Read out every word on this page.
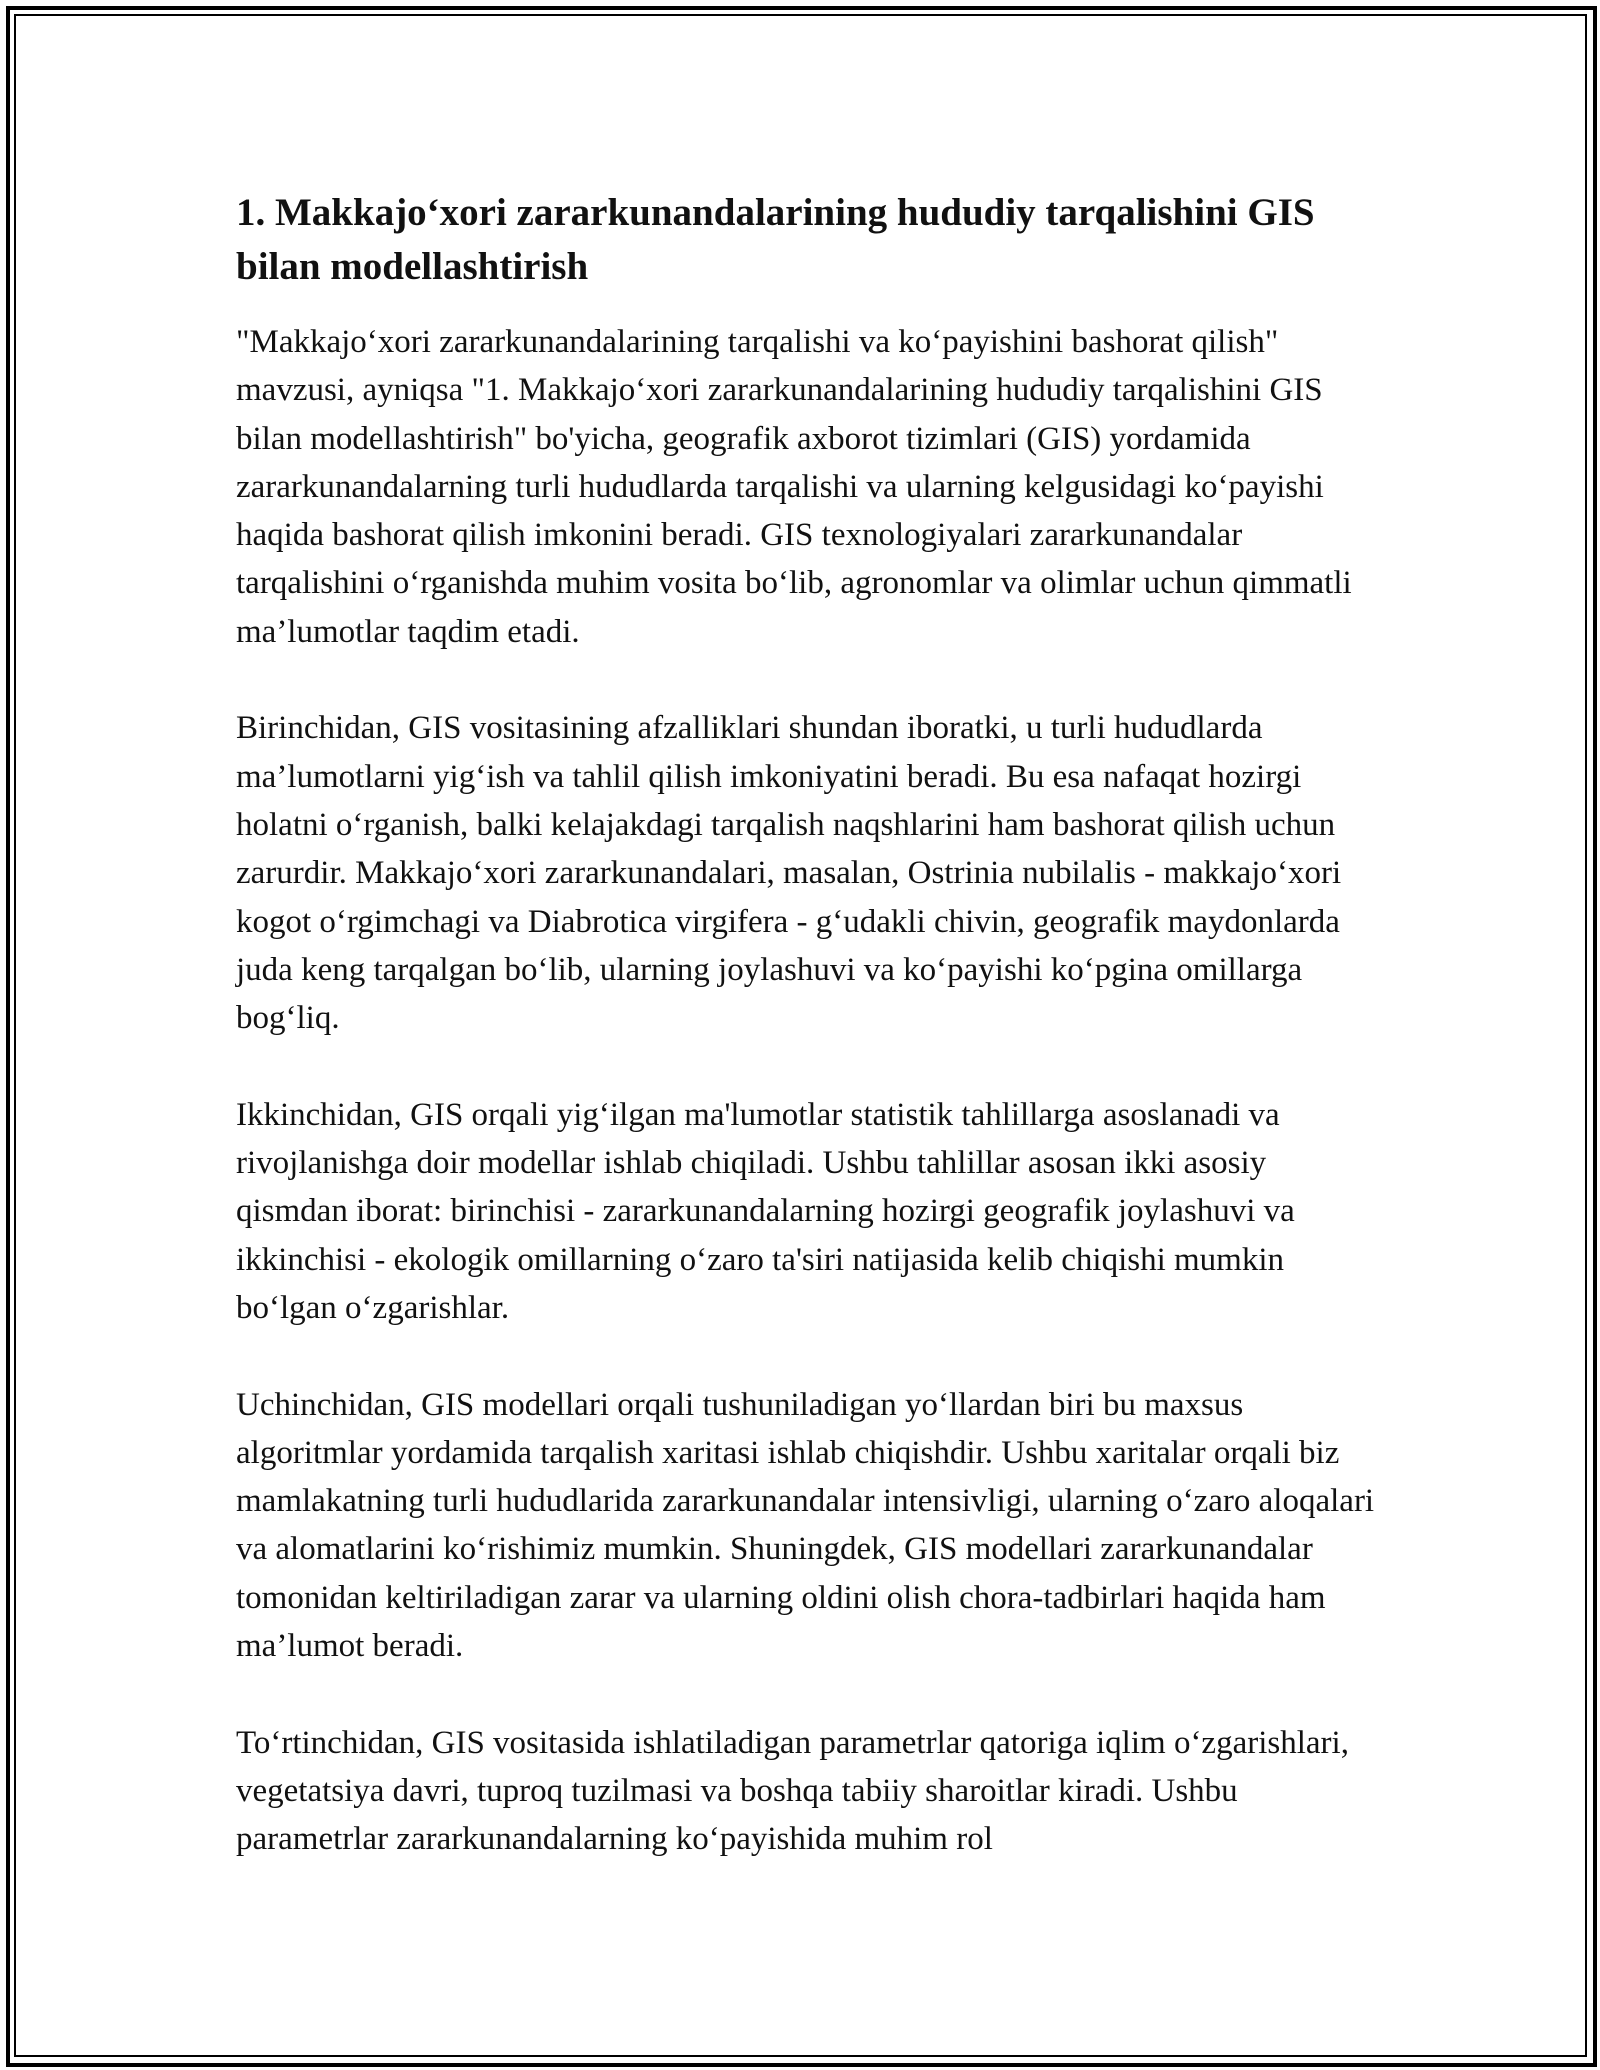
1. Makkajo‘xori zararkunandalarining hududiy tarqalishini GIS bilan modellashtirish

"Makkajo‘xori zararkunandalarining tarqalishi va ko‘payishini bashorat qilish" mavzusi, ayniqsa "1. Makkajo‘xori zararkunandalarining hududiy tarqalishini GIS bilan modellashtirish" bo'yicha, geografik axborot tizimlari (GIS) yordamida zararkunandalarning turli hududlarda tarqalishi va ularning kelgusidagi ko‘payishi haqida bashorat qilish imkonini beradi. GIS texnologiyalari zararkunandalar tarqalishini o‘rganishda muhim vosita bo‘lib, agronomlar va olimlar uchun qimmatli ma’lumotlar taqdim etadi.

Birinchidan, GIS vositasining afzalliklari shundan iboratki, u turli hududlarda ma’lumotlarni yig‘ish va tahlil qilish imkoniyatini beradi. Bu esa nafaqat hozirgi holatni o‘rganish, balki kelajakdagi tarqalish naqshlarini ham bashorat qilish uchun zarurdir. Makkajo‘xori zararkunandalari, masalan, Ostrinia nubilalis - makkajo‘xori kogot o‘rgimchagi va Diabrotica virgifera - g‘udakli chivin, geografik maydonlarda juda keng tarqalgan bo‘lib, ularning joylashuvi va ko‘payishi ko‘pgina omillarga bog‘liq.

Ikkinchidan, GIS orqali yig‘ilgan ma'lumotlar statistik tahlillarga asoslanadi va rivojlanishga doir modellar ishlab chiqiladi. Ushbu tahlillar asosan ikki asosiy qismdan iborat: birinchisi - zararkunandalarning hozirgi geografik joylashuvi va ikkinchisi - ekologik omillarning o‘zaro ta'siri natijasida kelib chiqishi mumkin bo‘lgan o‘zgarishlar.

Uchinchidan, GIS modellari orqali tushuniladigan yo‘llardan biri bu maxsus algoritmlar yordamida tarqalish xaritasi ishlab chiqishdir. Ushbu xaritalar orqali biz mamlakatning turli hududlarida zararkunandalar intensivligi, ularning o‘zaro aloqalari va alomatlarini ko‘rishimiz mumkin. Shuningdek, GIS modellari zararkunandalar tomonidan keltiriladigan zarar va ularning oldini olish chora-tadbirlari haqida ham ma’lumot beradi.

To‘rtinchidan, GIS vositasida ishlatiladigan parametrlar qatoriga iqlim o‘zgarishlari, vegetatsiya davri, tuproq tuzilmasi va boshqa tabiiy sharoitlar kiradi. Ushbu parametrlar zararkunandalarning ko‘payishida muhim rol
